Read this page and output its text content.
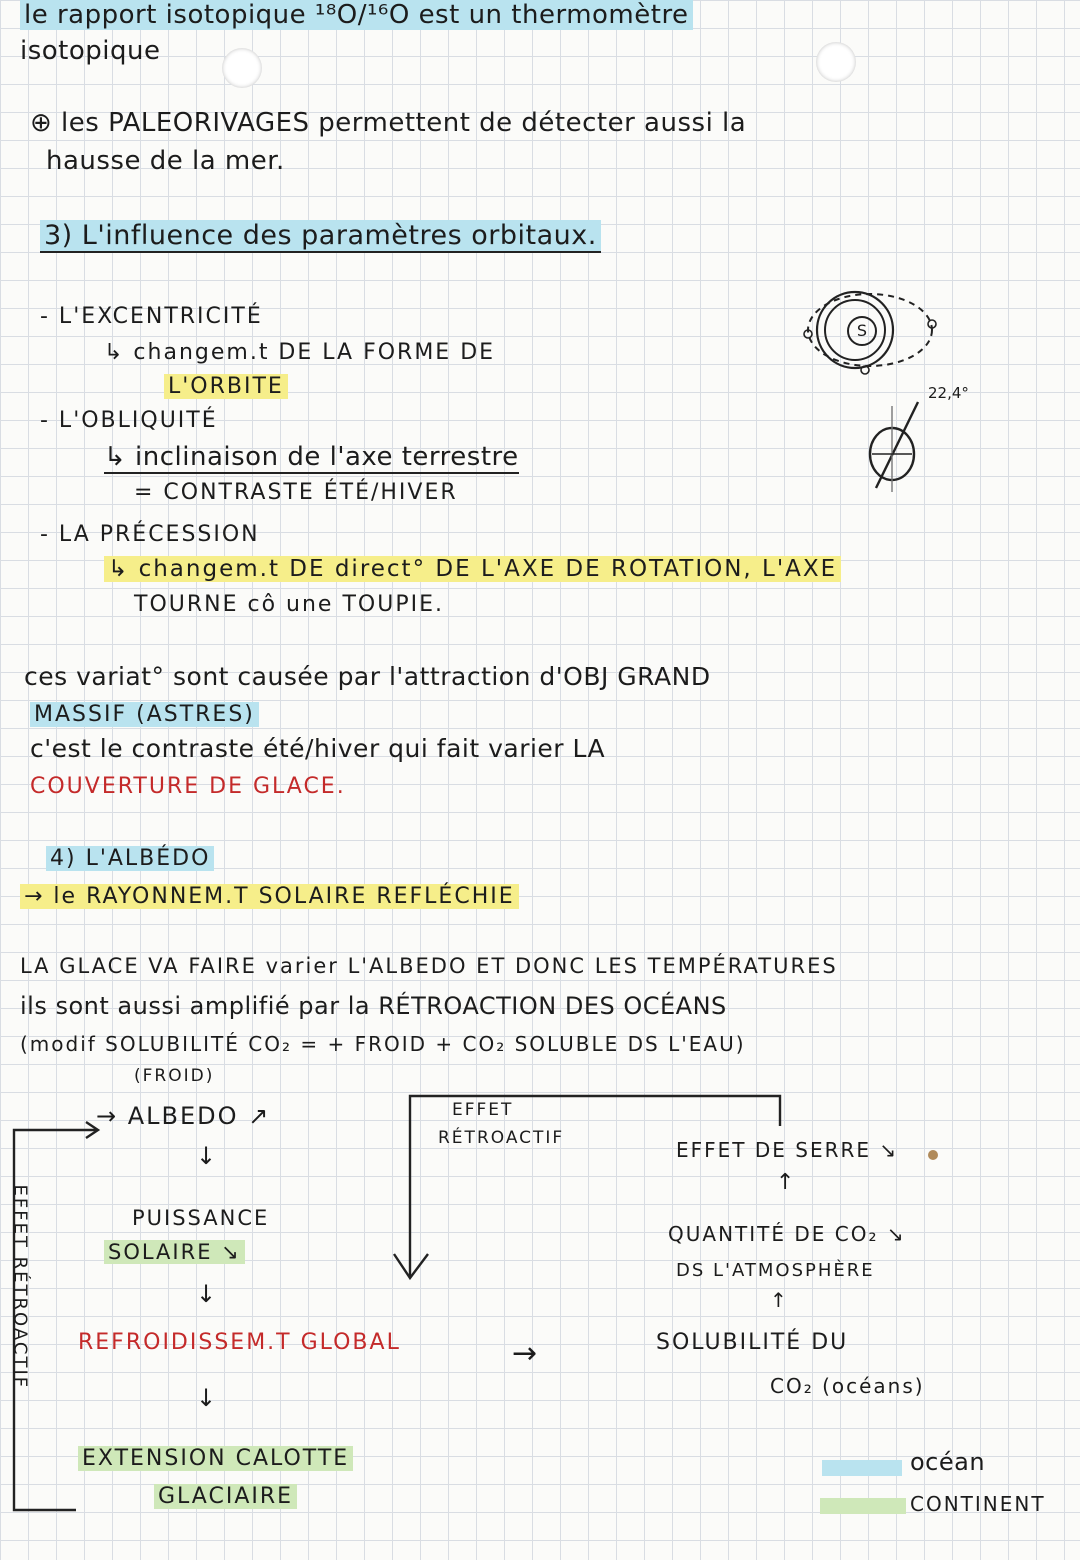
le rapport isotopique ¹⁸O/¹⁶O est un thermomètre
isotopique
⊕ les PALEORIVAGES permettent de détecter aussi la
hausse de la mer.
3) L'influence des paramètres orbitaux.
- L'EXCENTRICITÉ
↳ changem.t DE LA FORME DE
L'ORBITE
- L'OBLIQUITÉ
↳ inclinaison de l'axe terrestre
= CONTRASTE ÉTÉ/HIVER
- LA PRÉCESSION
↳ changem.t DE direct° DE L'AXE DE ROTATION, L'AXE
TOURNE cô une TOUPIE.
S
22,4°
ces variat° sont causée par l'attraction d'OBJ GRAND
MASSIF (ASTRES)
c'est le contraste été/hiver qui fait varier LA
COUVERTURE DE GLACE.
4) L'ALBÉDO
→ le RAYONNEM.T SOLAIRE REFLÉCHIE
LA GLACE VA FAIRE varier L'ALBEDO ET DONC LES TEMPÉRATURES
ils sont aussi amplifié par la RÉTROACTION DES OCÉANS
(modif SOLUBILITÉ CO₂ = + FROID + CO₂ SOLUBLE DS L'EAU)
(FROID)
→ ALBEDO ↗
↓
PUISSANCE
SOLAIRE ↘
↓
REFROIDISSEM.T GLOBAL
↓
EXTENSION CALOTTE
GLACIAIRE
EFFET RÉTROACTIF
EFFET
RÉTROACTIF	EFFET DE SERRE ↘
↑
QUANTITÉ DE CO₂ ↘
DS L'ATMOSPHÈRE
↑
SOLUBILITÉ DU
CO₂ (océans)
→
océan
CONTINENT
